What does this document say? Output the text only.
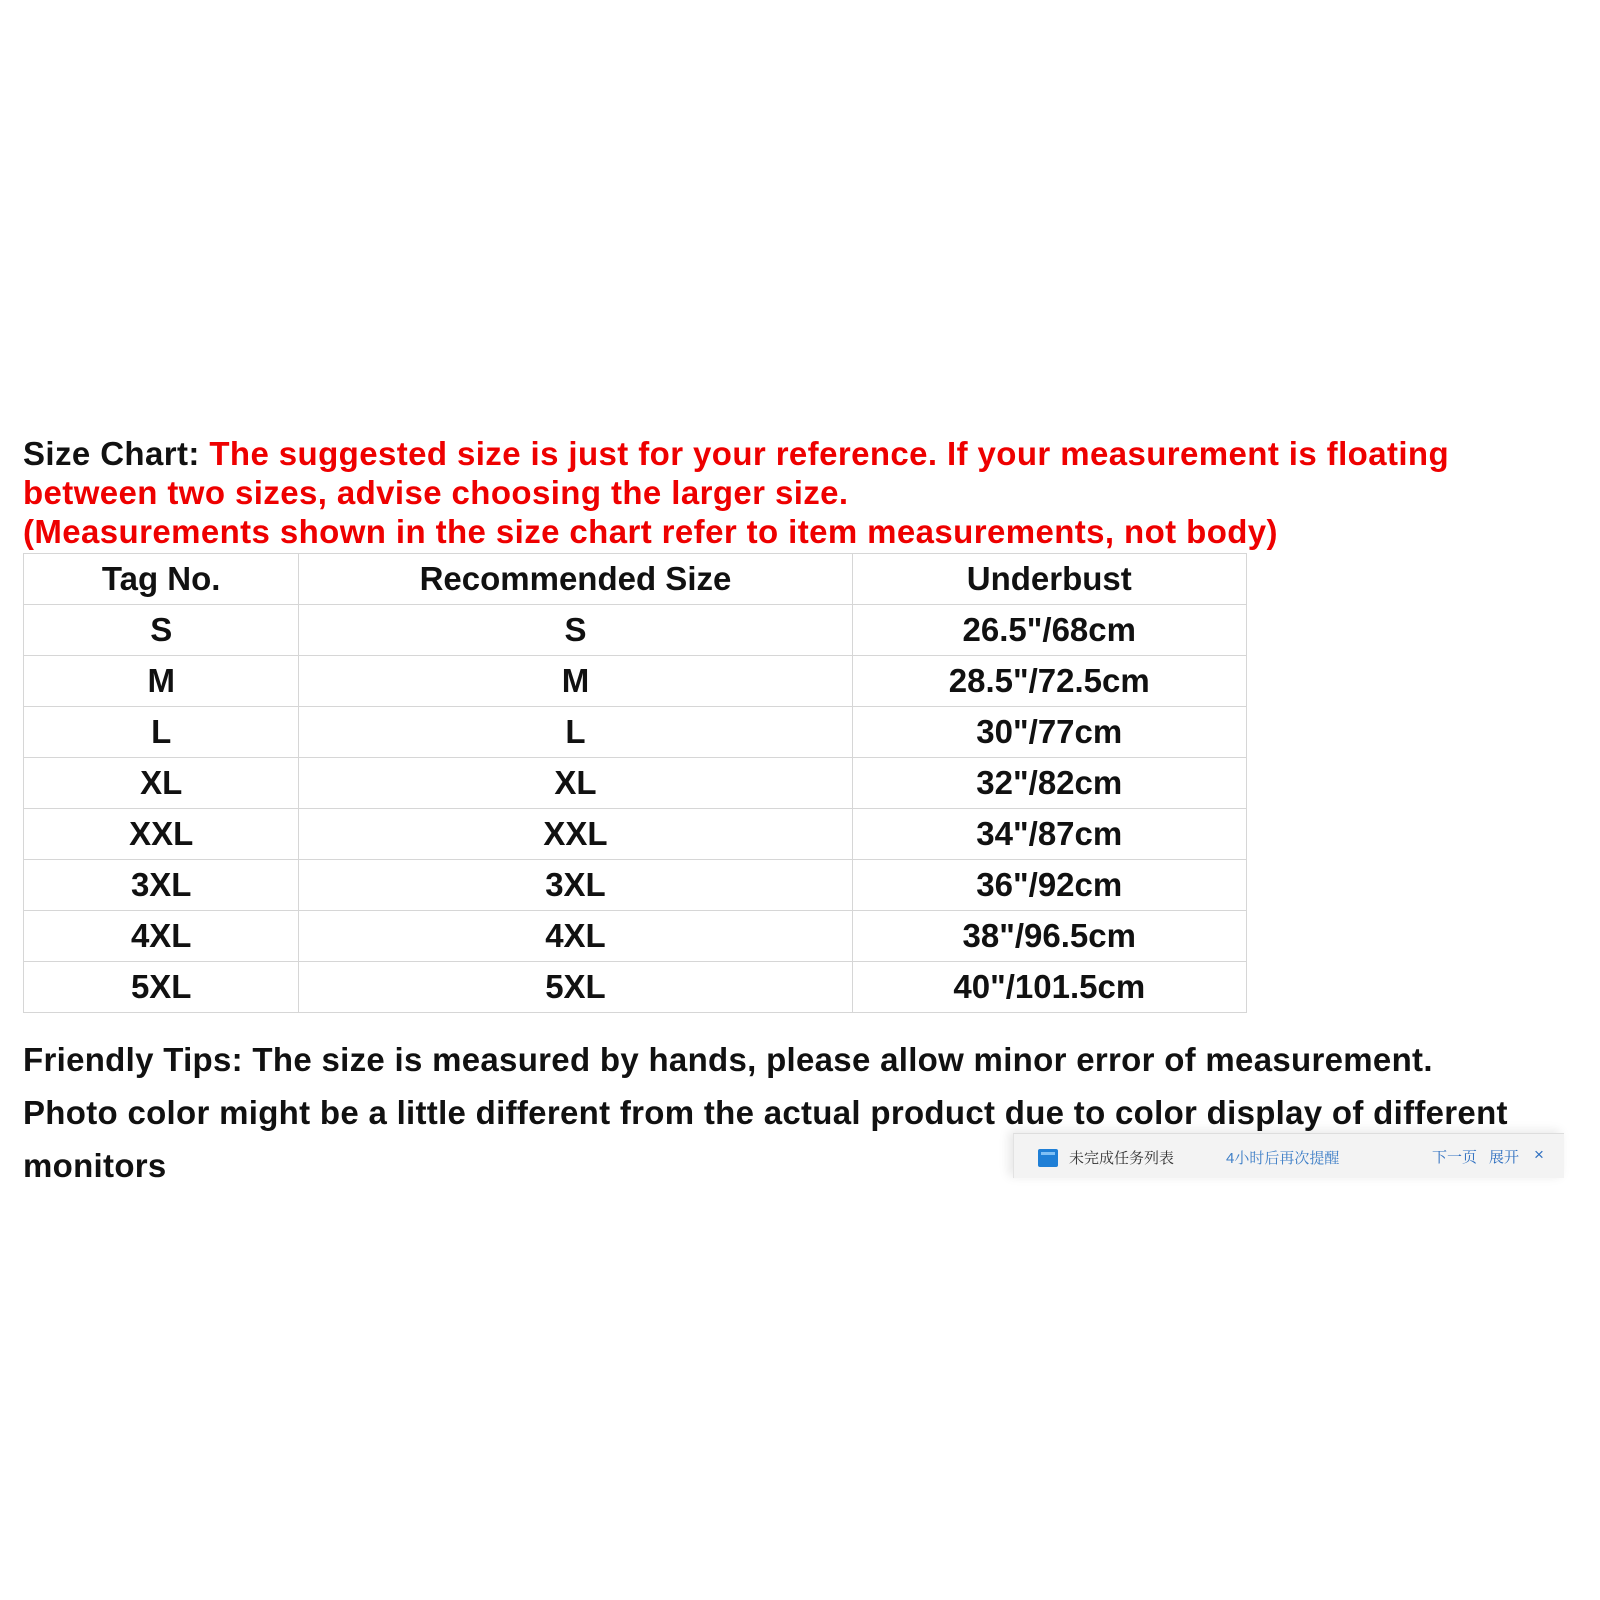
Size Chart: The suggested size is just for your reference. If your measurement is floating between two sizes, advise choosing the larger size.
(Measurements shown in the size chart refer to item measurements, not body)

Tag No.	Recommended Size	Underbust
S	S	26.5"/68cm
M	M	28.5"/72.5cm
L	L	30"/77cm
XL	XL	32"/82cm
XXL	XXL	34"/87cm
3XL	3XL	36"/92cm
4XL	4XL	38"/96.5cm
5XL	5XL	40"/101.5cm

Friendly Tips: The size is measured by hands, please allow minor error of measurement.

Photo color might be a little different from the actual product due to color display of different monitors	未完成任务列表	4小时后再次提醒	下一页 展开 ×
